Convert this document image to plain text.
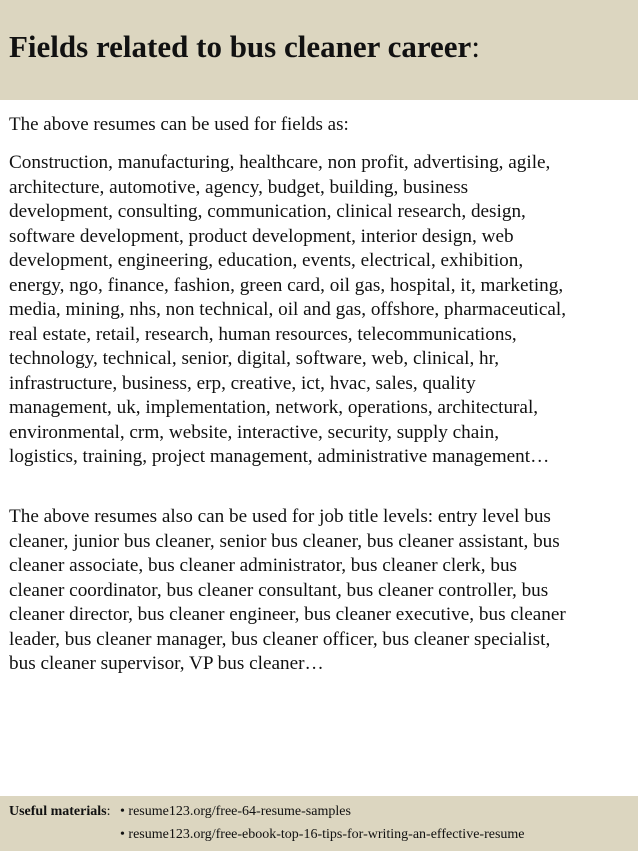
Fields related to bus cleaner career:

The above resumes can be used for fields as:

Construction, manufacturing, healthcare, non profit, advertising, agile,
architecture, automotive, agency, budget, building, business
development, consulting, communication, clinical research, design,
software development, product development, interior design, web
development, engineering, education, events, electrical, exhibition,
energy, ngo, finance, fashion, green card, oil gas, hospital, it, marketing,
media, mining, nhs, non technical, oil and gas, offshore, pharmaceutical,
real estate, retail, research, human resources, telecommunications,
technology, technical, senior, digital, software, web, clinical, hr,
infrastructure, business, erp, creative, ict, hvac, sales, quality
management, uk, implementation, network, operations, architectural,
environmental, crm, website, interactive, security, supply chain,
logistics, training, project management, administrative management…

The above resumes also can be used for job title levels: entry level bus
cleaner, junior bus cleaner, senior bus cleaner, bus cleaner assistant, bus
cleaner associate, bus cleaner administrator, bus cleaner clerk, bus
cleaner coordinator, bus cleaner consultant, bus cleaner controller, bus
cleaner director, bus cleaner engineer, bus cleaner executive, bus cleaner
leader, bus cleaner manager, bus cleaner officer, bus cleaner specialist,
bus cleaner supervisor, VP bus cleaner…

Useful materials: • resume123.org/free-64-resume-samples
• resume123.org/free-ebook-top-16-tips-for-writing-an-effective-resume
